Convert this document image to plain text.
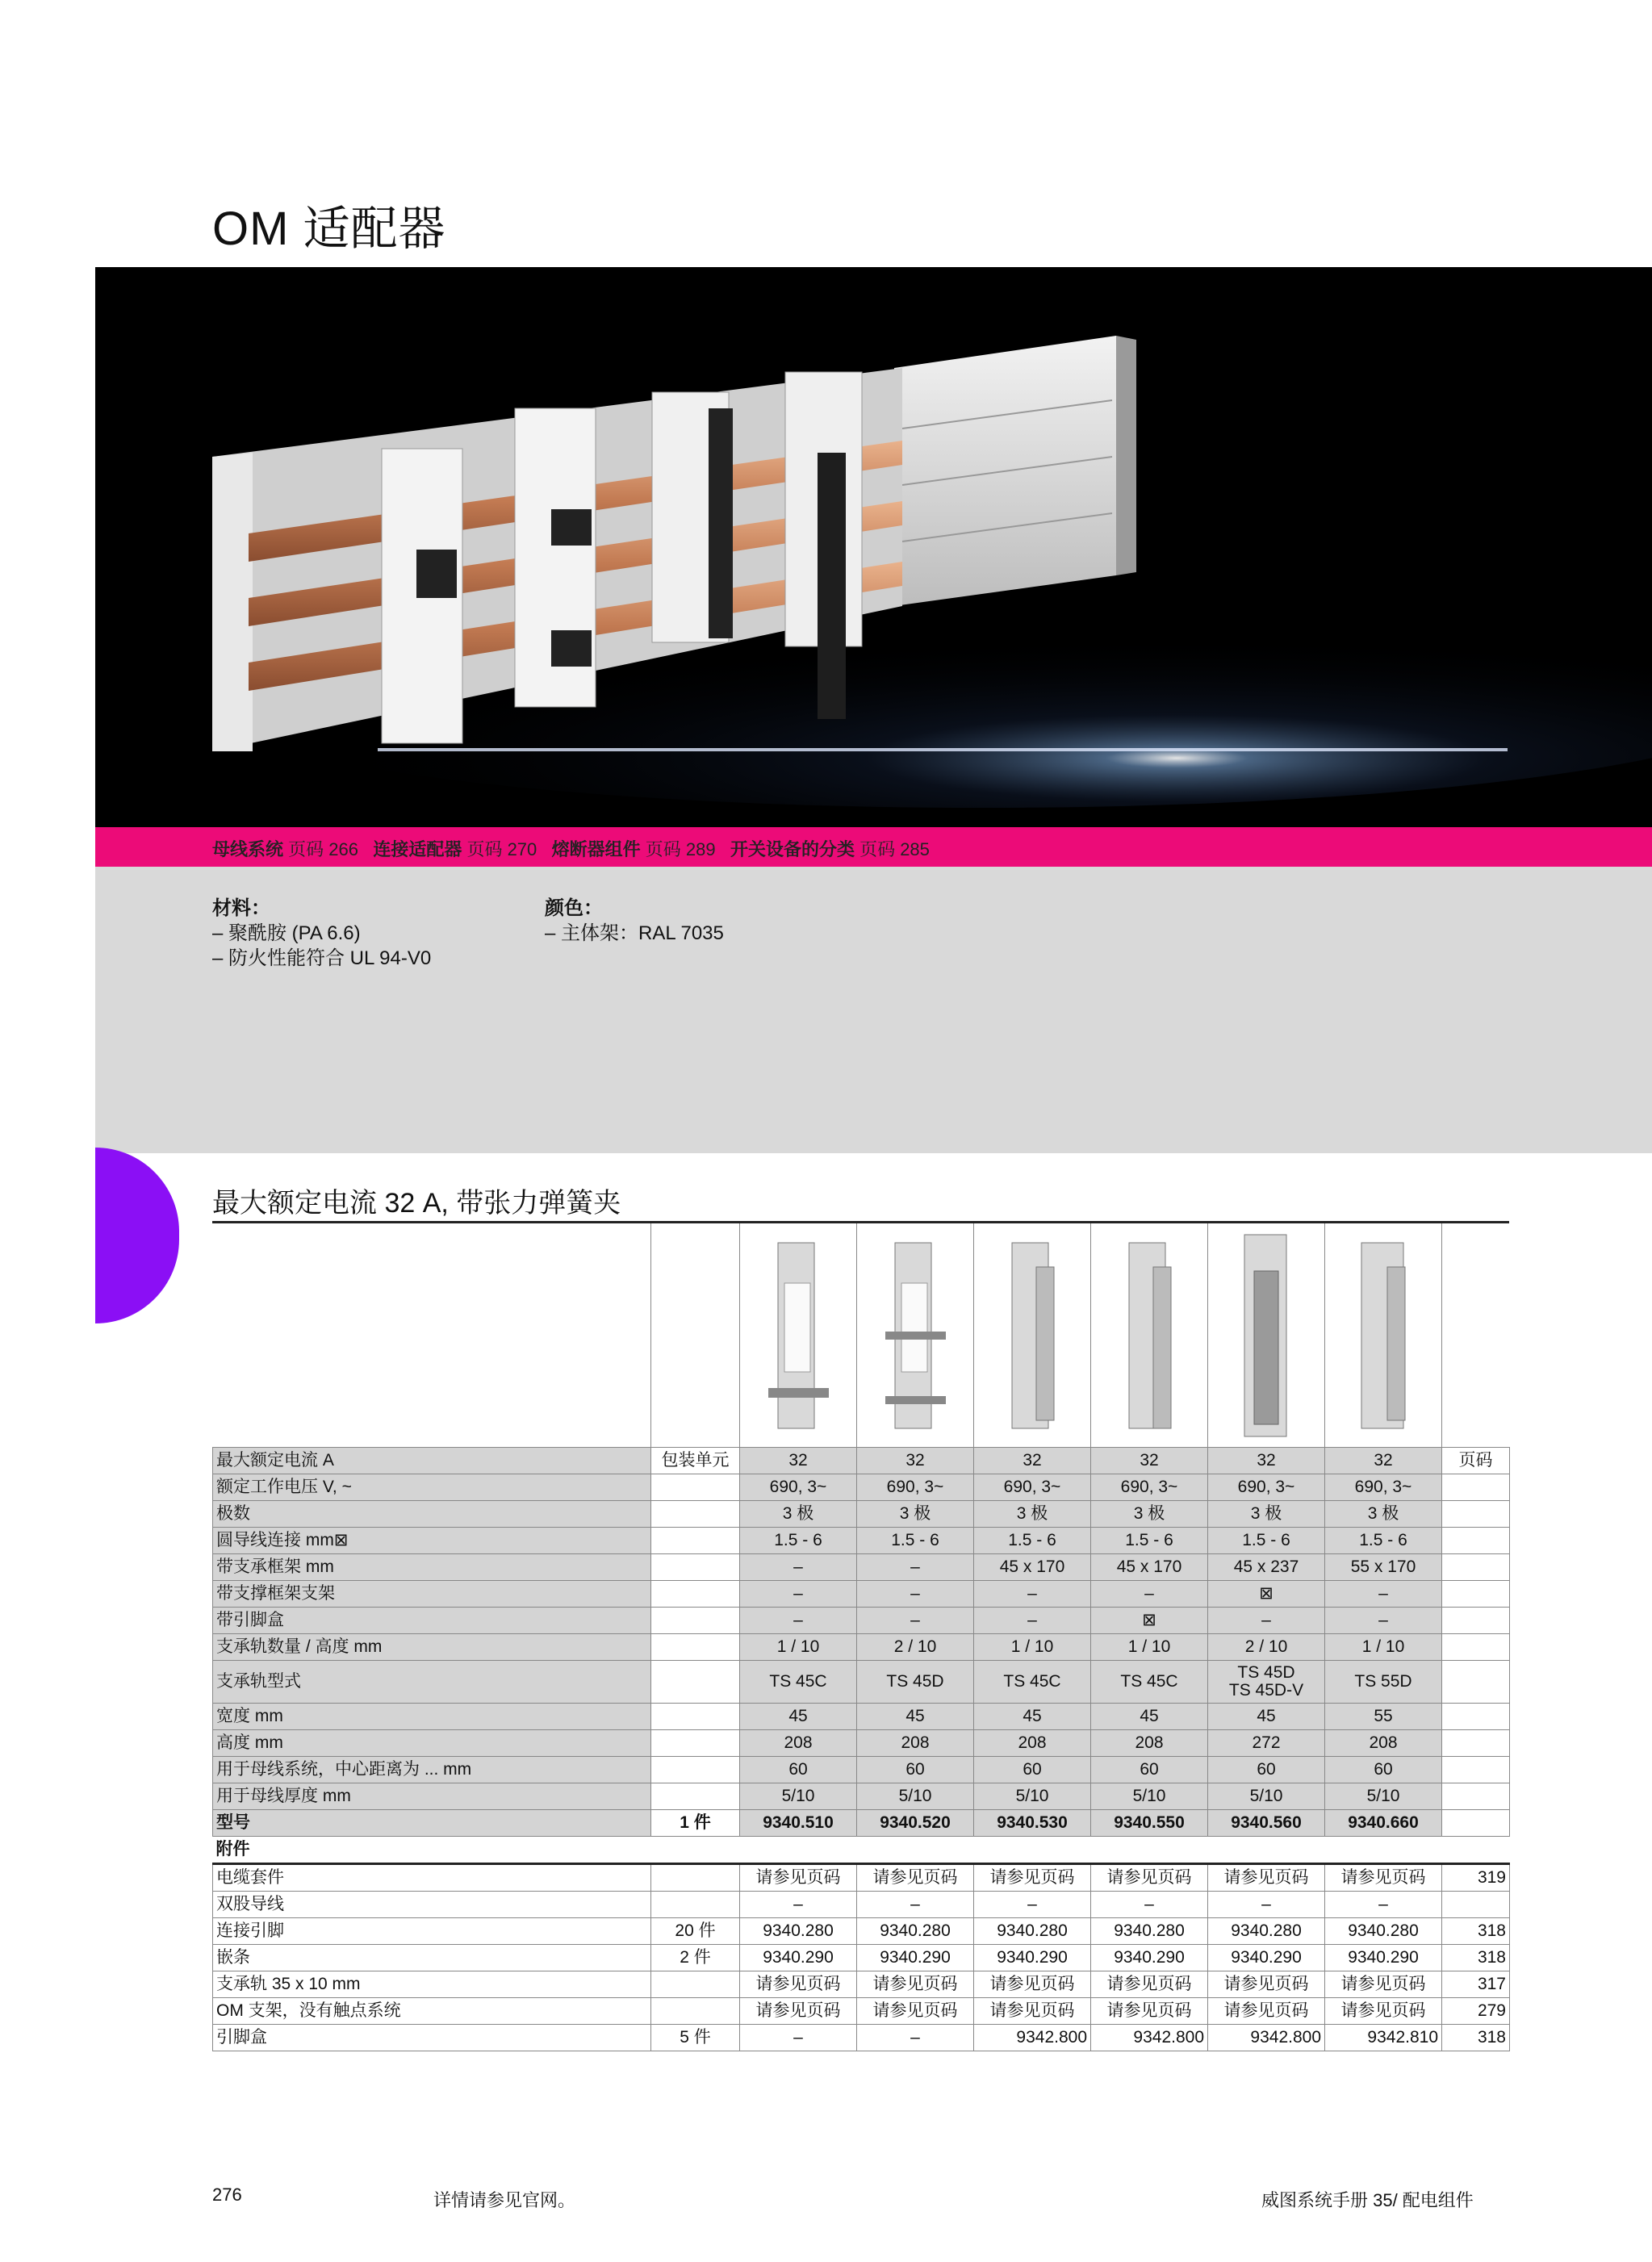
OM 适配器
母线系统 页码 266 连接适配器 页码 270 熔断器组件 页码 289 开关设备的分类 页码 285
材料：
– 聚酰胺 (PA 6.6)
– 防火性能符合 UL 94-V0
颜色：
– 主体架：RAL 7035
最大额定电流 32 A, 带张力弹簧夹

最大额定电流 A	包装单元	32	32	32	32	32	32	页码
额定工作电压 V, ~		690, 3~	690, 3~	690, 3~	690, 3~	690, 3~	690, 3~	
极数		3 极	3 极	3 极	3 极	3 极	3 极	
圆导线连接 mm⊠		1.5 - 6	1.5 - 6	1.5 - 6	1.5 - 6	1.5 - 6	1.5 - 6	
带支承框架 mm		–	–	45 x 170	45 x 170	45 x 237	55 x 170	
带支撑框架支架		–	–	–	–	⊠	–	
带引脚盒		–	–	–	⊠	–	–	
支承轨数量 / 高度 mm		1 / 10	2 / 10	1 / 10	1 / 10	2 / 10	1 / 10	
支承轨型式		TS 45C	TS 45D	TS 45C	TS 45C	TS 45D
TS 45D-V	TS 55D	
宽度 mm		45	45	45	45	45	55	
高度 mm		208	208	208	208	272	208	
用于母线系统，中心距离为 ... mm		60	60	60	60	60	60	
用于母线厚度 mm		5/10	5/10	5/10	5/10	5/10	5/10	
型号	1 件	9340.510	9340.520	9340.530	9340.550	9340.560	9340.660	
附件								
电缆套件		请参见页码	请参见页码	请参见页码	请参见页码	请参见页码	请参见页码	319
双股导线		–	–	–	–	–	–	
连接引脚	20 件	9340.280	9340.280	9340.280	9340.280	9340.280	9340.280	318
嵌条	2 件	9340.290	9340.290	9340.290	9340.290	9340.290	9340.290	318
支承轨 35 x 10 mm		请参见页码	请参见页码	请参见页码	请参见页码	请参见页码	请参见页码	317
OM 支架，没有触点系统		请参见页码	请参见页码	请参见页码	请参见页码	请参见页码	请参见页码	279
引脚盒	5 件	–	–	9342.800	9342.800	9342.800	9342.810	318
276	详情请参见官网。	威图系统手册 35/ 配电组件
